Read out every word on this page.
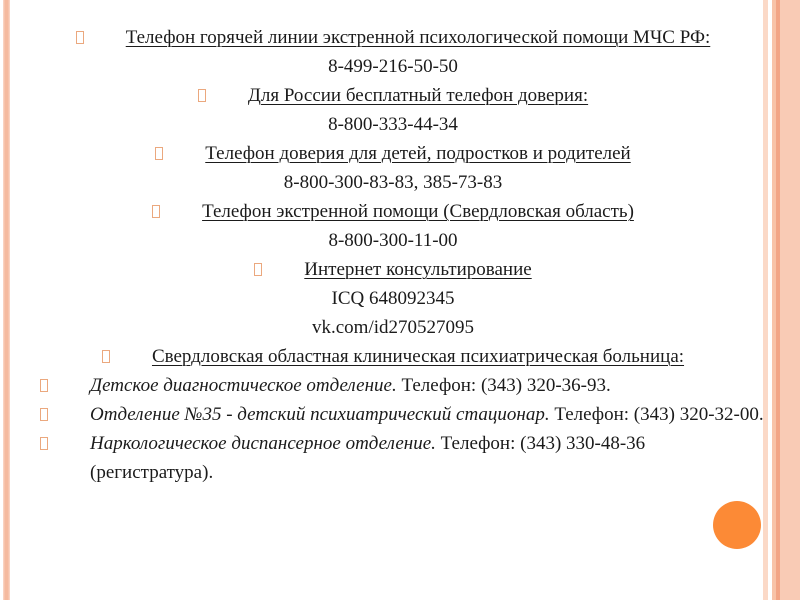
Телефон горячей линии экстренной психологической помощи МЧС РФ:
8-499-216-50-50
Для России бесплатный телефон доверия:
8-800-333-44-34
Телефон доверия для детей, подростков и родителей
8-800-300-83-83, 385-73-83
Телефон экстренной помощи (Свердловская область)
8-800-300-11-00
Интернет консультирование
ICQ 648092345
vk.com/id270527095
Свердловская областная клиническая психиатрическая больница:
Детское диагностическое отделение. Телефон: (343) 320-36-93.
Отделение №35 - детский психиатрический стационар. Телефон: (343) 320-32-00.
Наркологическое диспансерное отделение. Телефон: (343) 330-48-36 (регистратура).
